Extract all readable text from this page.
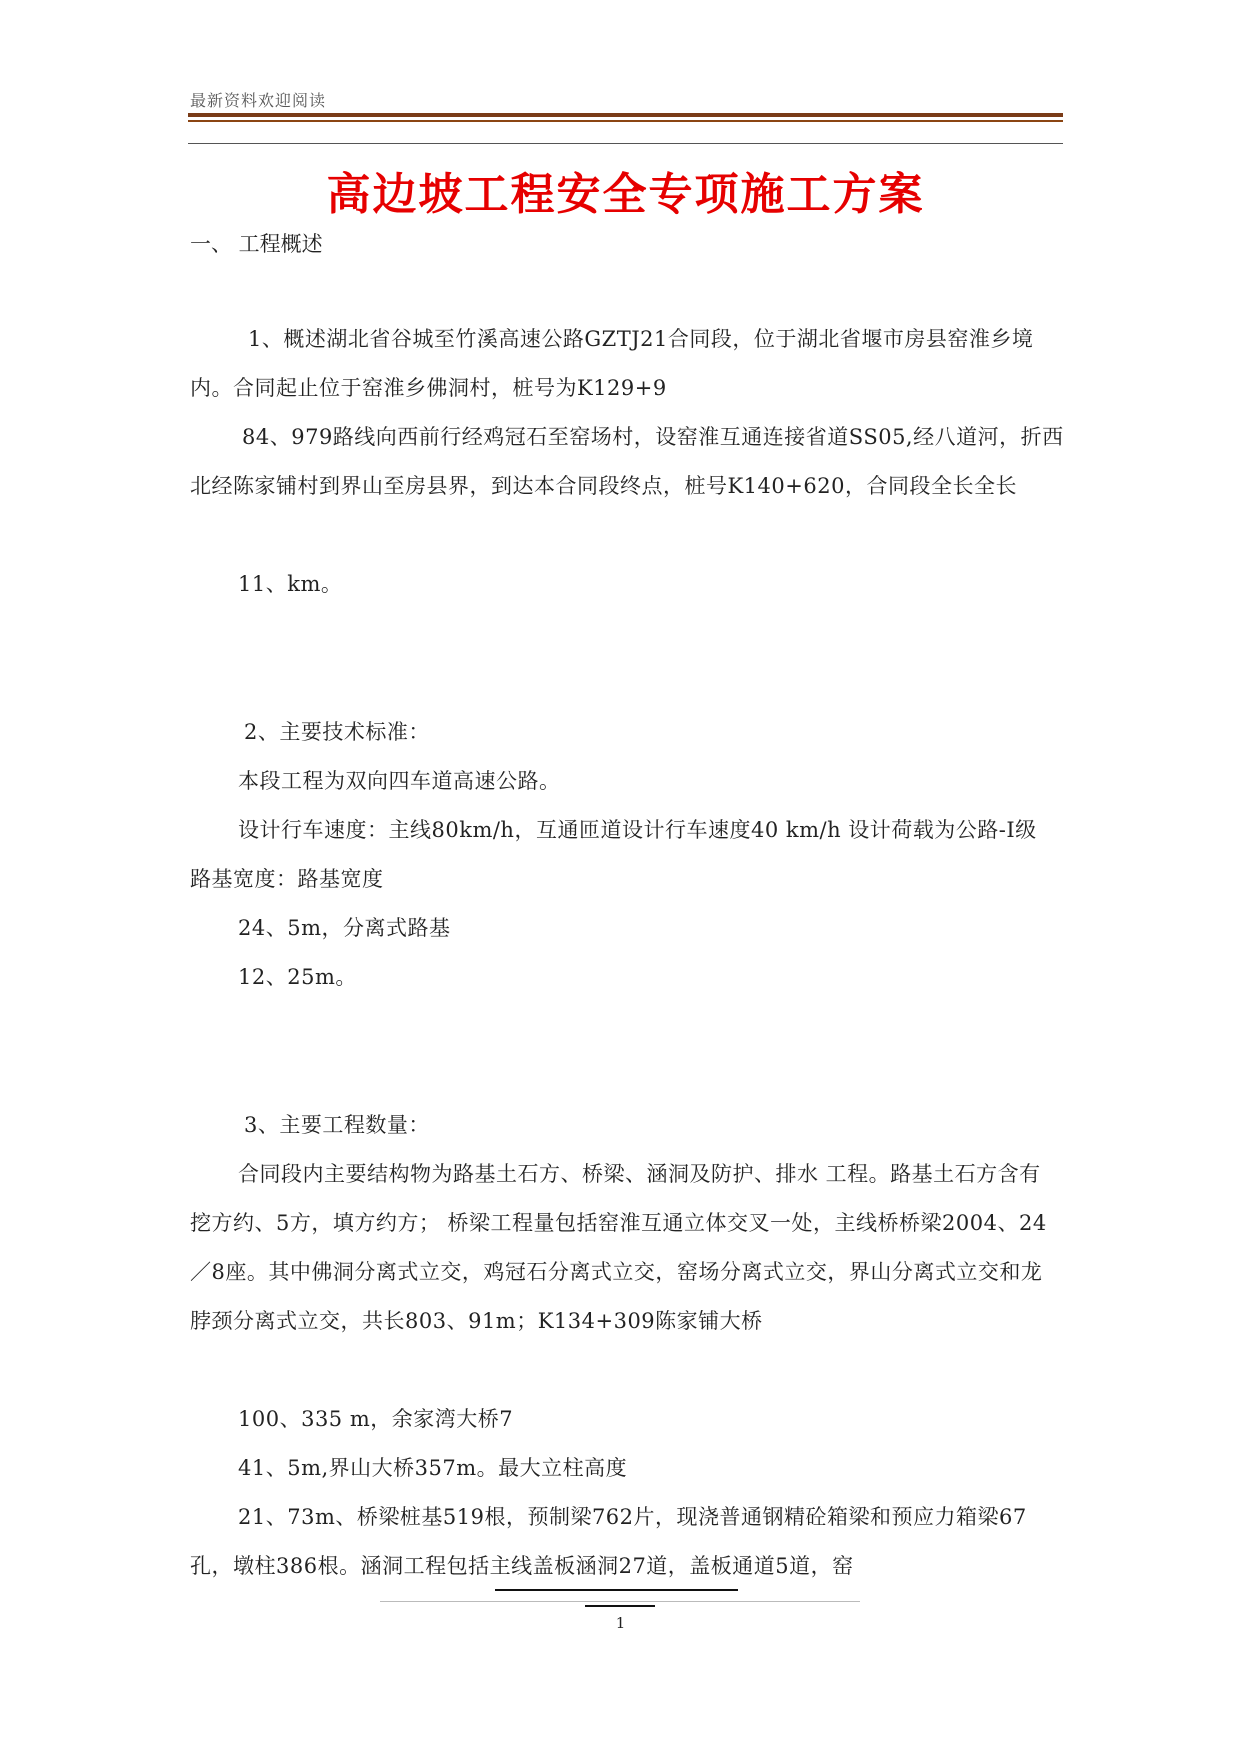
最新资料欢迎阅读
高边坡工程安全专项施工方案
一、 工程概述

1、概述湖北省谷城至竹溪高速公路GZTJ21合同段，位于湖北省堰市房县窑淮乡境内。合同起止位于窑淮乡佛洞村，桩号为K129+9

84、979路线向西前行经鸡冠石至窑场村，设窑淮互通连接省道SS05,经八道河，折西北经陈家铺村到界山至房县界，到达本合同段终点，桩号K140+620，合同段全长全长

11、km。

2、主要技术标准：

本段工程为双向四车道高速公路。

设计行车速度：主线80km/h，互通匝道设计行车速度40 km/h 设计荷载为公路-Ⅰ级 路基宽度：路基宽度

24、5m，分离式路基

12、25m。

3、主要工程数量：

合同段内主要结构物为路基土石方、桥梁、涵洞及防护、排水 工程。路基土石方含有挖方约、5方，填方约方； 桥梁工程量包括窑淮互通立体交叉一处，主线桥桥梁2004、24／8座。其中佛洞分离式立交，鸡冠石分离式立交，窑场分离式立交，界山分离式立交和龙脖颈分离式立交，共长803、91m；K134+309陈家铺大桥

100、335 m，余家湾大桥7

41、5m,界山大桥357m。最大立柱高度

21、73m、桥梁桩基519根，预制梁762片，现浇普通钢精砼箱梁和预应力箱梁67孔，墩柱386根。涵洞工程包括主线盖板涵洞27道，盖板通道5道，窑

1
